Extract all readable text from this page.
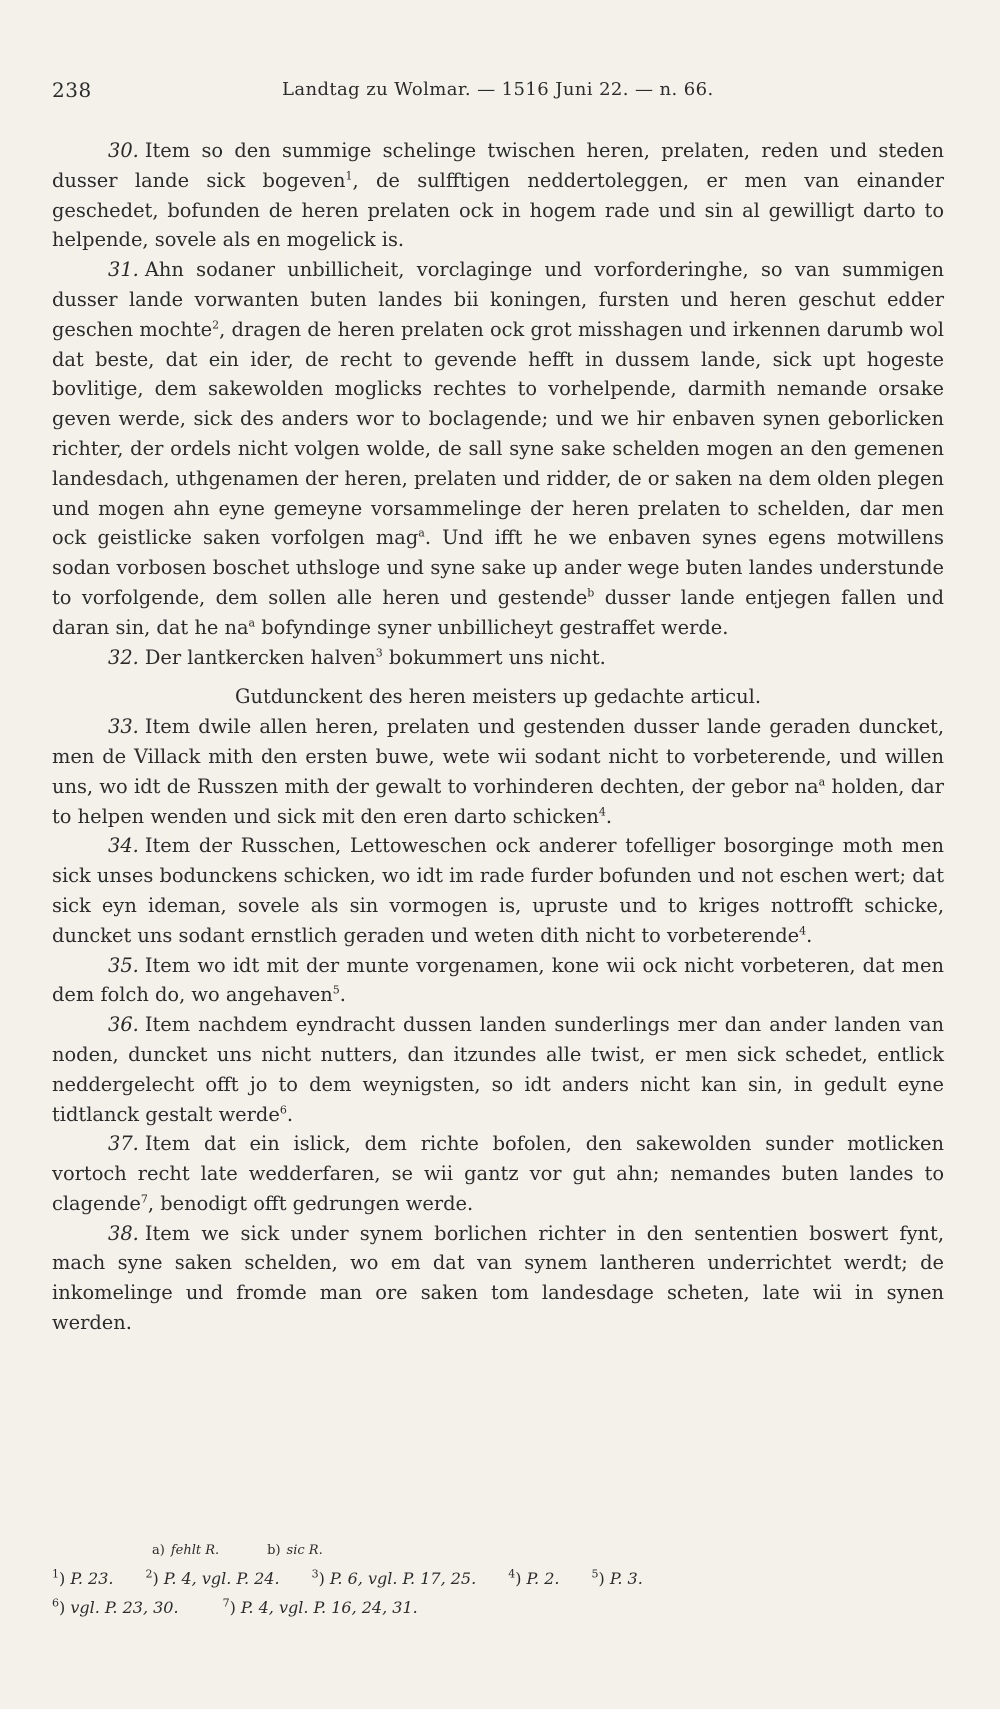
238	Landtag zu Wolmar. — 1516 Juni 22. — n. 66.

30. Item so den summige schelinge twischen heren, prelaten, reden und steden dusser lande sick bogeven$^1$, de sulfftigen neddertoleggen, er men van einander geschedet, bofunden de heren prelaten ock in hogem rade und sin al gewilligt darto to helpende, sovele als en mogelick is.

31. Ahn sodaner unbillicheit, vorclaginge und vorforderinghe, so van summigen dusser lande vorwanten buten landes bii koningen, fursten und heren geschut edder geschen mochte$^2$, dragen de heren prelaten ock grot misshagen und irkennen darumb wol dat beste, dat ein ider, de recht to gevende hefft in dussem lande, sick upt hogeste bovlitige, dem sakewolden moglicks rechtes to vorhelpende, darmith nemande orsake geven werde, sick des anders wor to boclagende; und we hir enbaven synen geborlicken richter, der ordels nicht volgen wolde, de sall syne sake schelden mogen an den gemenen landesdach, uthgenamen der heren, prelaten und ridder, de or saken na dem olden plegen und mogen ahn eyne gemeyne vorsammelinge der heren prelaten to schelden, dar men ock geistlicke saken vorfolgen mag$^a$. Und ifft he we enbaven synes egens motwillens sodan vorbosen boschet uthsloge und syne sake up ander wege buten landes understunde to vorfolgende, dem sollen alle heren und gestende$^b$ dusser lande entjegen fallen und daran sin, dat he $na^a$ bofyndinge syner unbillicheyt gestraffet werde.

32. Der lantkercken halven$^3$ bokummert uns nicht.

Gutdunckent des heren meisters up gedachte articul.

33. Item dwile allen heren, prelaten und gestenden dusser lande geraden duncket, men de Villack mith den ersten buwe, wete wii sodant nicht to vorbeterende, und willen uns, wo idt de Russzen mith der gewalt to vorhinderen dechten, der gebor $na^a$ holden, dar to helpen wenden und sick mit den eren darto schicken$^4$.

34. Item der Russchen, Lettoweschen ock anderer tofelliger bosorginge moth men sick unses bodunckens schicken, wo idt im rade furder bofunden und not eschen wert; dat sick eyn ideman, sovele als sin vormogen is, upruste und to kriges nottrofft schicke, duncket uns sodant ernstlich geraden und weten dith nicht to vorbeterende$^4$.

35. Item wo idt mit der munte vorgenamen, kone wii ock nicht vorbeteren, dat men dem folch do, wo angehaven$^5$.

36. Item nachdem eyndracht dussen landen sunderlings mer dan ander landen van noden, duncket uns nicht nutters, dan itzundes alle twist, er men sick schedet, entlick neddergelecht offt jo to dem weynigsten, so idt anders nicht kan sin, in gedult eyne tidtlanck gestalt werde$^6$.

37. Item dat ein islick, dem richte bofolen, den sakewolden sunder motlicken vortoch recht late wedderfaren, se wii gantz vor gut ahn; nemandes buten landes to clagende$^7$, benodigt offt gedrungen werde.

38. Item we sick under synem borlichen richter in den sententien boswert fynt, mach syne saken schelden, wo em dat van synem lantheren underrichtet werdt; de inkomelinge und fromde man ore saken tom landesdage scheten, late wii in synen werden.

a) fehlt R.	b) sic R.
$^1$) P. 23.	$^2$) P. 4, vgl. P. 24.	$^3$) P. 6, vgl. P. 17, 25.	$^4$) P. 2.	$^5$) P. 3.
$^6$) vgl. P. 23, 30.	$^7$) P. 4, vgl. P. 16, 24, 31.
